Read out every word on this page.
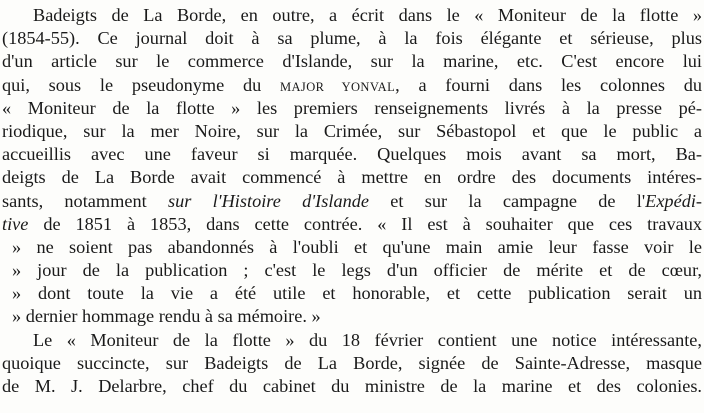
Badeigts de La Borde, en outre, a écrit dans le « Moniteur de la flotte »
(1854-55). Ce journal doit à sa plume, à la fois élégante et sérieuse, plus
d'un article sur le commerce d'Islande, sur la marine, etc. C'est encore lui
qui, sous le pseudonyme du MAJOR YONVAL, a fourni dans les colonnes du
« Moniteur de la flotte » les premiers renseignements livrés à la presse pé-
riodique, sur la mer Noire, sur la Crimée, sur Sébastopol et que le public a
accueillis avec une faveur si marquée. Quelques mois avant sa mort, Ba-
deigts de La Borde avait commencé à mettre en ordre des documents intéres-
sants, notamment sur l'Histoire d'Islande et sur la campagne de l'Expédi-
tive de 1851 à 1853, dans cette contrée. « Il est à souhaiter que ces travaux
» ne soient pas abandonnés à l'oubli et qu'une main amie leur fasse voir le
» jour de la publication ; c'est le legs d'un officier de mérite et de cœur,
» dont toute la vie a été utile et honorable, et cette publication serait un
» dernier hommage rendu à sa mémoire. »
Le « Moniteur de la flotte » du 18 février contient une notice intéressante,
quoique succincte, sur Badeigts de La Borde, signée de Sainte-Adresse, masque
de M. J. Delarbre, chef du cabinet du ministre de la marine et des colonies.
